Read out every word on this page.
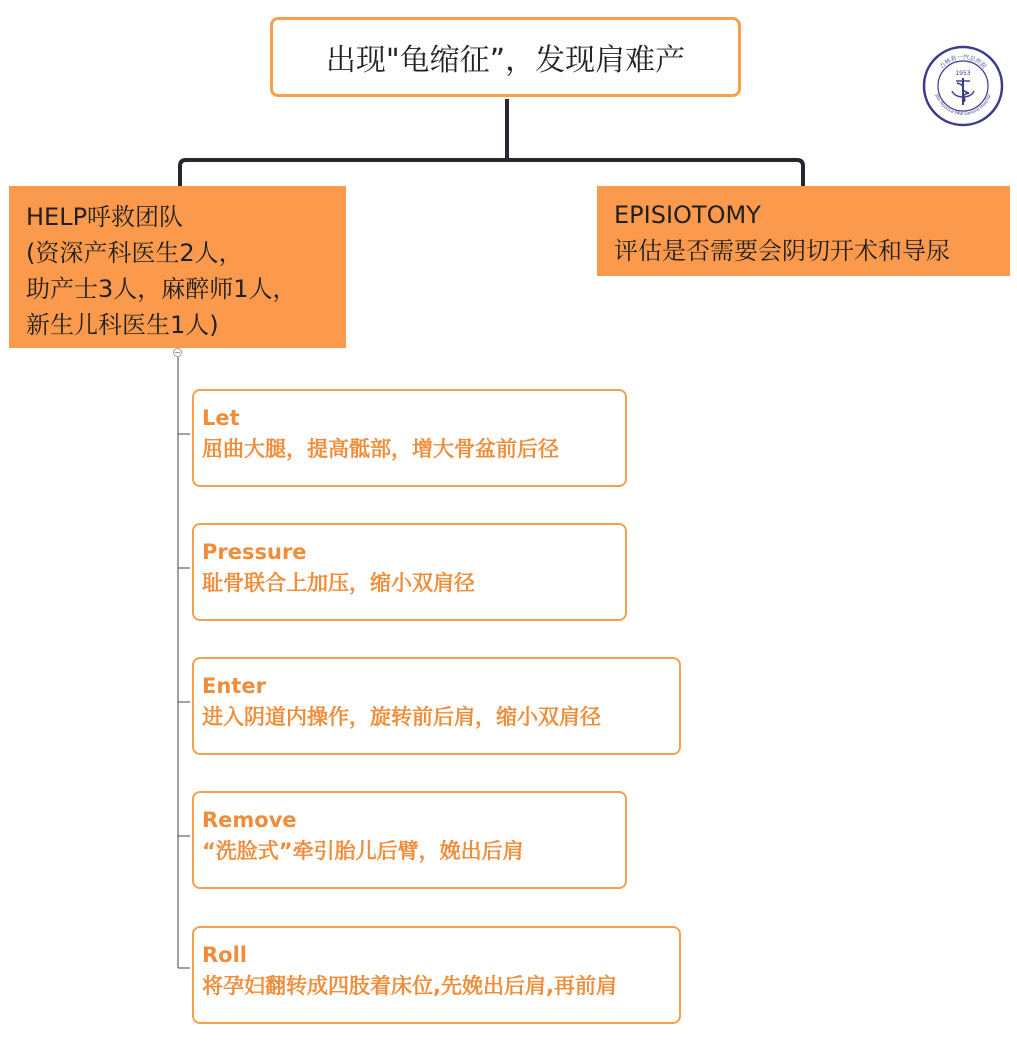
出现"龟缩征”，发现肩难产
HELP呼救团队
(资深产科医生2人，
助产士3人，麻醉师1人，
新生儿科医生1人)
EPISIOTOMY
评估是否需要会阴切开术和导尿
Let
屈曲大腿，提高骶部，增大骨盆前后径
Pressure
耻骨联合上加压，缩小双肩径
Enter
进入阴道内操作，旋转前后肩，缩小双肩径
Remove
“洗脸式”牵引胎儿后臂，娩出后肩
Roll
将孕妇翻转成四肢着床位,先娩出后肩,再前肩
吉林省一汽总医院
Jilin Province FAW General Hospital
1953
